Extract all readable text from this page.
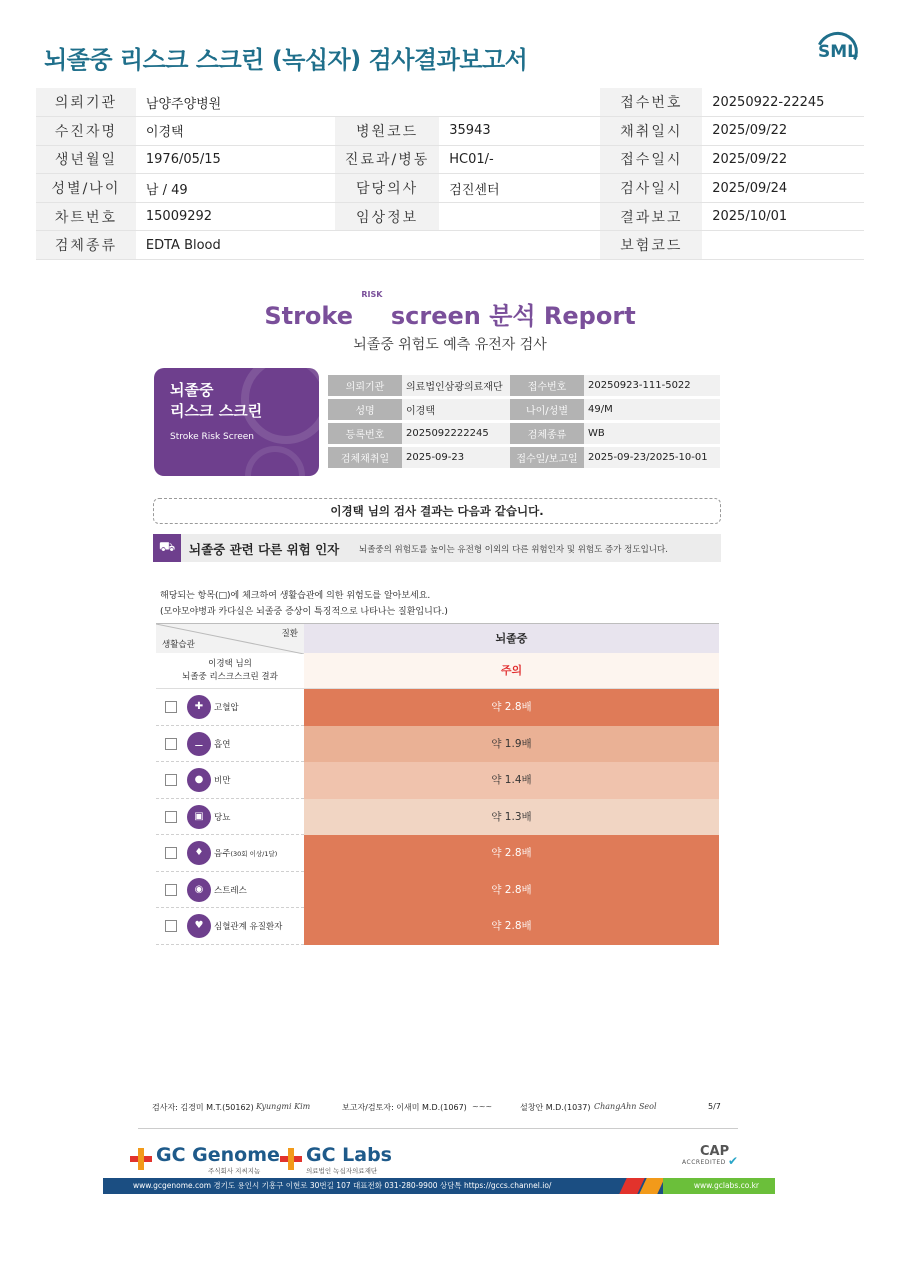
뇌졸중 리스크 스크린 (녹십자) 검사결과보고서	SML
의뢰기관	남양주양병원			접수번호	20250922-22245
수진자명	이경택	병원코드	35943	채취일시	2025/09/22
생년월일	1976/05/15	진료과/병동	HC01/-	접수일시	2025/09/22
성별/나이	남 / 49	담당의사	검진센터	검사일시	2025/09/24
차트번호	15009292	임상정보		결과보고	2025/10/01
검체종류	EDTA Blood			보험코드	
Stroke $^{RISK}$ screen 분석 Report
뇌졸중 위험도 예측 유전자 검사
뇌졸중
리스크 스크린
Stroke Risk Screen
의뢰기관	의료법인삼광의료재단	접수번호	20250923-111-5022
성명	이경택	나이/성별	49/M
등록번호	2025092222245	검체종류	WB
검체채취일	2025-09-23	접수일/보고일	2025-09-23/2025-10-01
이경택 님의 검사 결과는 다음과 같습니다.
⛟	뇌졸중 관련 다른 위험 인자 뇌졸중의 위험도를 높이는 유전형 이외의 다른 위험인자 및 위험도 증가 정도입니다.
해당되는 항목(□)에 체크하여 생활습관에 의한 위험도를 알아보세요.
(모야모야병과 카다실은 뇌졸중 증상이 특징적으로 나타나는 질환입니다.)
질환
생활습관	뇌졸중
이경택 님의
뇌졸중 리스크스크린 결과	주의
✚	고혈압	약 2.8배
⚊	흡연	약 1.9배
●	비만	약 1.4배
▣	당뇨	약 1.3배
♦	음주(30회 이상/1달)	약 2.8배
◉	스트레스	약 2.8배
♥	심혈관계 유질환자	약 2.8배
검사자: 김경미 M.T.(50162) Kyungmi Kim	보고자/검토자: 이새미 M.D.(1067) ~~~	설창안 M.D.(1037) ChangAhn Seol	5/7
GC Genome
주식회사 지씨지놈
GC Labs
의료법인 녹십자의료재단
CAP
ACCREDITED ✔
www.gcgenome.com 경기도 용인시 기흥구 이현로 30번길 107 대표전화 031-280-9900 상담톡 https://gccs.channel.io/	www.gclabs.co.kr
